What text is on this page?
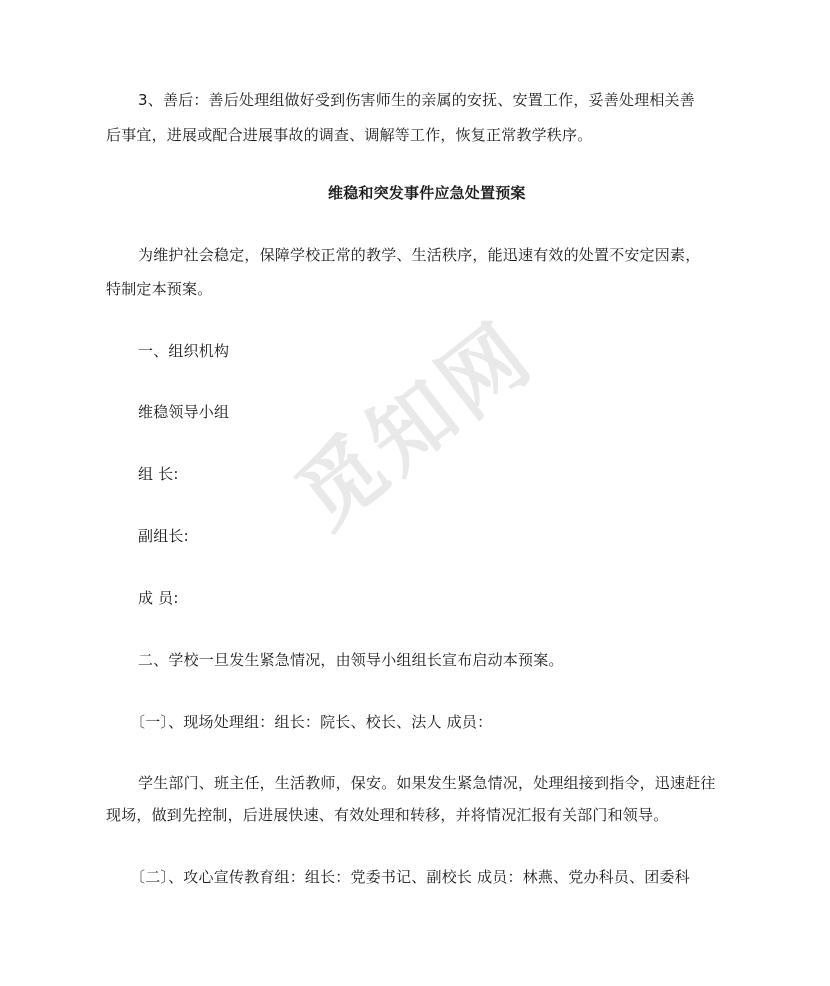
觅知网
3、善后：善后处理组做好受到伤害师生的亲属的安抚、安置工作，妥善处理相关善
后事宜，进展或配合进展事故的调查、调解等工作，恢复正常教学秩序。
维稳和突发事件应急处置预案
为维护社会稳定，保障学校正常的教学、生活秩序，能迅速有效的处置不安定因素，
特制定本预案。
一、组织机构
维稳领导小组
组 长:
副组长:
成 员:
二、学校一旦发生紧急情况，由领导小组组长宣布启动本预案。
〔一〕、现场处理组：组长：院长、校长、法人 成员：
学生部门、班主任，生活教师，保安。如果发生紧急情况，处理组接到指令，迅速赶往
现场，做到先控制，后进展快速、有效处理和转移，并将情况汇报有关部门和领导。
〔二〕、攻心宣传教育组：组长：党委书记、副校长 成员：林燕、党办科员、团委科
